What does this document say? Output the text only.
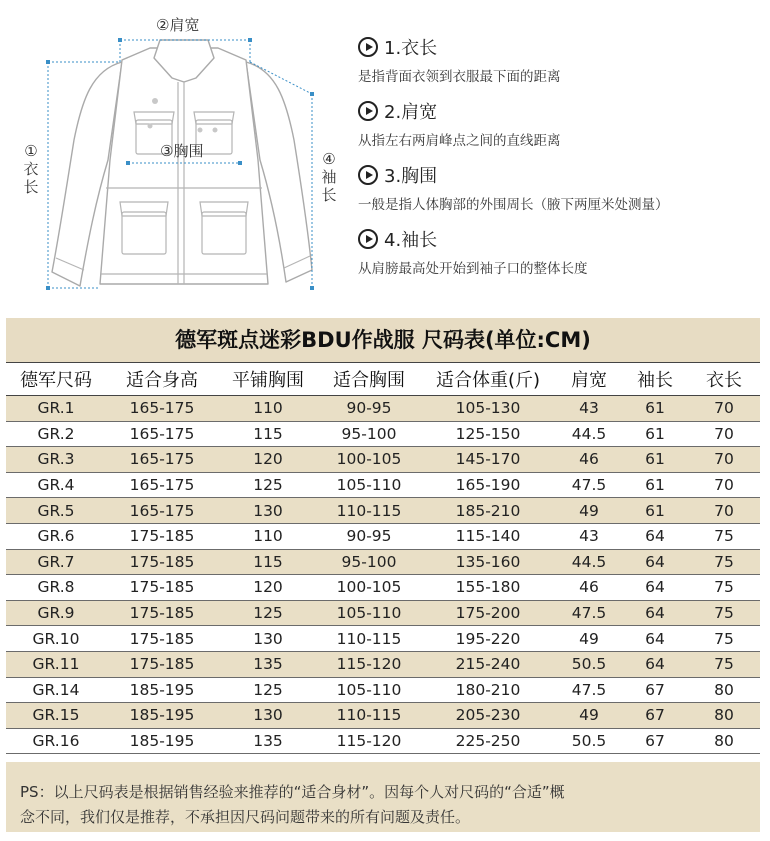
②肩宽
③胸围
①衣长
④袖长
1.衣长
是指背面衣领到衣服最下面的距离
2.肩宽
从指左右两肩峰点之间的直线距离
3.胸围
一般是指人体胸部的外围周长（腋下两厘米处测量）
4.袖长
从肩膀最高处开始到袖子口的整体长度
德军斑点迷彩BDU作战服 尺码表(单位:CM)
德军尺码	适合身高	平铺胸围	适合胸围	适合体重(斤)	肩宽	袖长	衣长
GR.1	165-175	110	90-95	105-130	43	61	70
GR.2	165-175	115	95-100	125-150	44.5	61	70
GR.3	165-175	120	100-105	145-170	46	61	70
GR.4	165-175	125	105-110	165-190	47.5	61	70
GR.5	165-175	130	110-115	185-210	49	61	70
GR.6	175-185	110	90-95	115-140	43	64	75
GR.7	175-185	115	95-100	135-160	44.5	64	75
GR.8	175-185	120	100-105	155-180	46	64	75
GR.9	175-185	125	105-110	175-200	47.5	64	75
GR.10	175-185	130	110-115	195-220	49	64	75
GR.11	175-185	135	115-120	215-240	50.5	64	75
GR.14	185-195	125	105-110	180-210	47.5	67	80
GR.15	185-195	130	110-115	205-230	49	67	80
GR.16	185-195	135	115-120	225-250	50.5	67	80
PS：以上尺码表是根据销售经验来推荐的“适合身材”。因每个人对尺码的“合适”概
念不同，我们仅是推荐，不承担因尺码问题带来的所有问题及责任。
